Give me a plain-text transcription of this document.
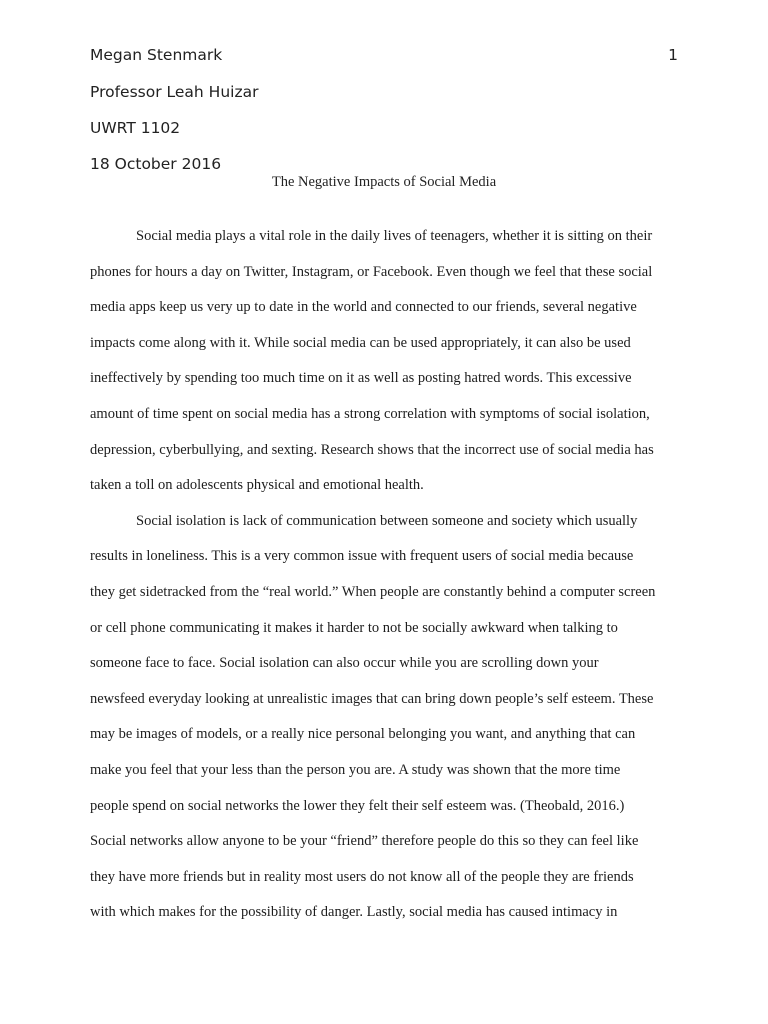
Megan Stenmark	1
Professor Leah Huizar
UWRT 1102
18 October 2016
The Negative Impacts of Social Media
Social media plays a vital role in the daily lives of teenagers, whether it is sitting on their
phones for hours a day on Twitter, Instagram, or Facebook. Even though we feel that these social
media apps keep us very up to date in the world and connected to our friends, several negative
impacts come along with it. While social media can be used appropriately, it can also be used
ineffectively by spending too much time on it as well as posting hatred words. This excessive
amount of time spent on social media has a strong correlation with symptoms of social isolation,
depression, cyberbullying, and sexting. Research shows that the incorrect use of social media has
taken a toll on adolescents physical and emotional health.
Social isolation is lack of communication between someone and society which usually
results in loneliness. This is a very common issue with frequent users of social media because
they get sidetracked from the “real world.” When people are constantly behind a computer screen
or cell phone communicating it makes it harder to not be socially awkward when talking to
someone face to face. Social isolation can also occur while you are scrolling down your
newsfeed everyday looking at unrealistic images that can bring down people’s self esteem. These
may be images of models, or a really nice personal belonging you want, and anything that can
make you feel that your less than the person you are. A study was shown that the more time
people spend on social networks the lower they felt their self esteem was. (Theobald, 2016.)
Social networks allow anyone to be your “friend” therefore people do this so they can feel like
they have more friends but in reality most users do not know all of the people they are friends
with which makes for the possibility of danger. Lastly, social media has caused intimacy in
